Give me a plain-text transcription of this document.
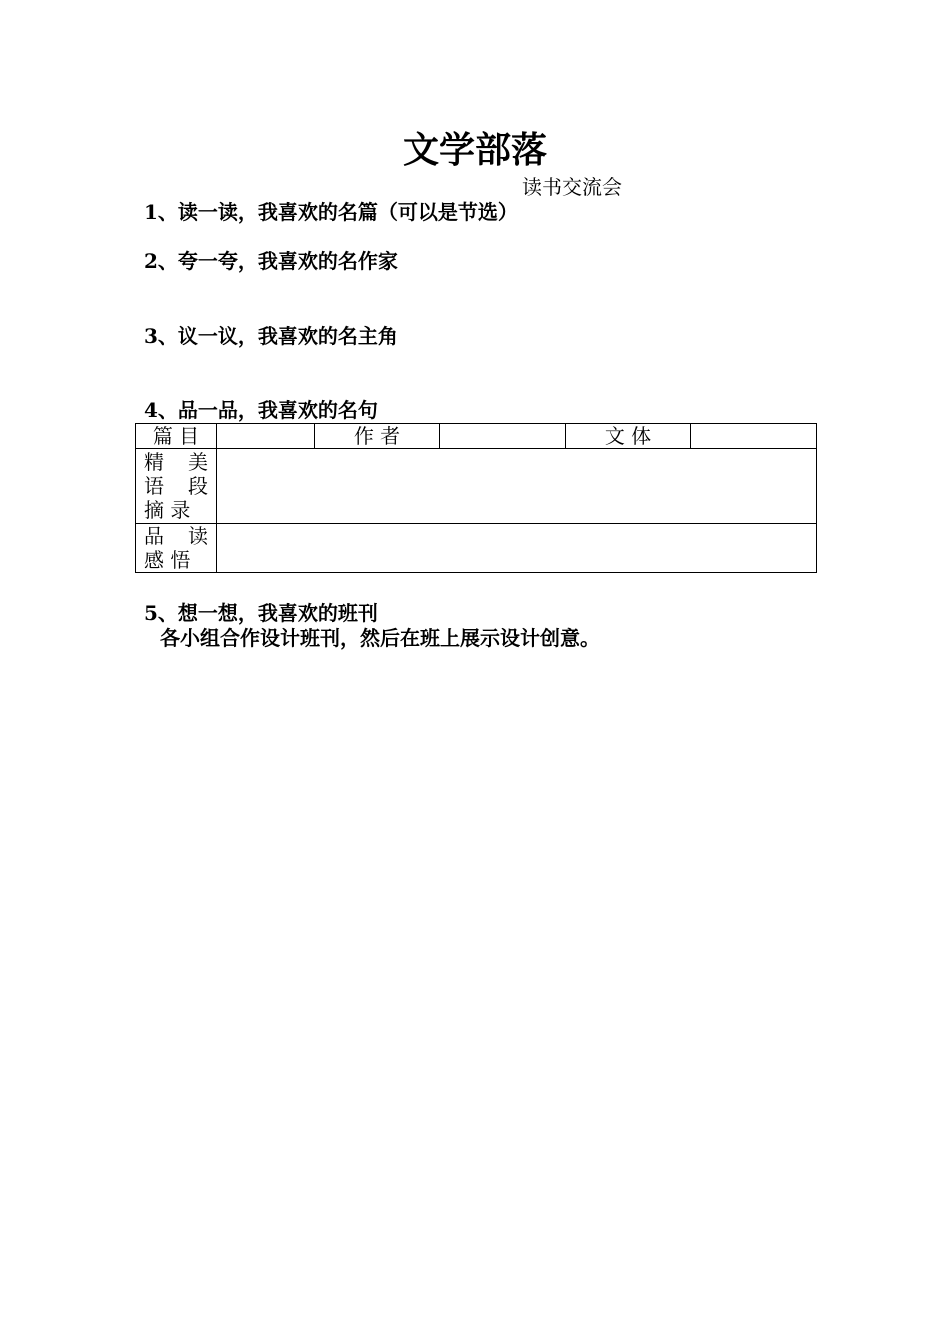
文学部落
读书交流会
1、读一读，我喜欢的名篇（可以是节选）
2、夸一夸，我喜欢的名作家
3、议一议，我喜欢的名主角
4、品一品，我喜欢的名句
篇 目		作 者		文 体	

精 美
语 段
摘 录					

品 读
感 悟					

5、想一想，我喜欢的班刊
各小组合作设计班刊，然后在班上展示设计创意。
